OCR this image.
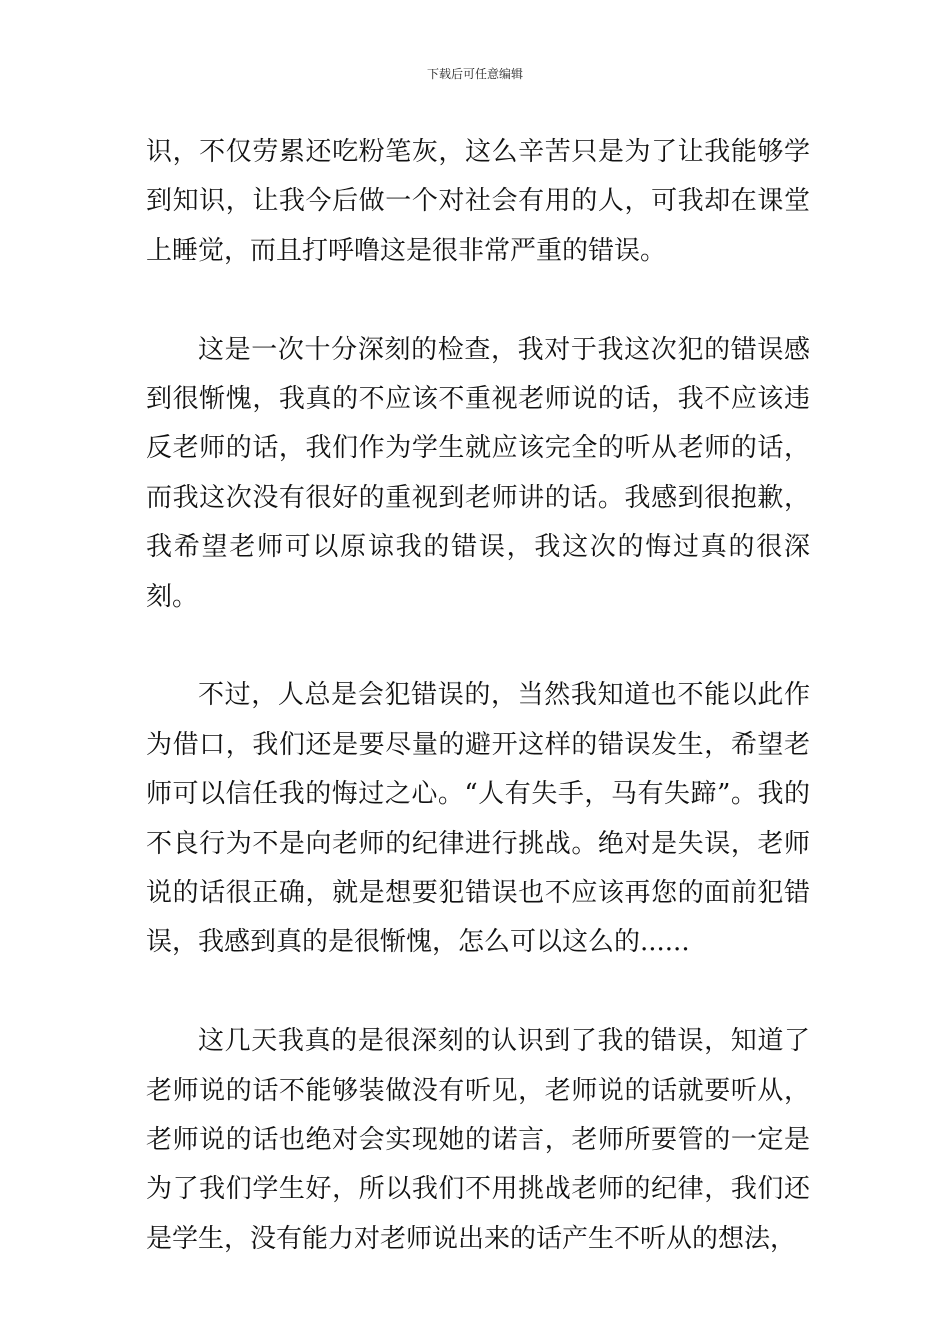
下载后可任意编辑

识，不仅劳累还吃粉笔灰，这么辛苦只是为了让我能够学到知识，让我今后做一个对社会有用的人，可我却在课堂上睡觉，而且打呼噜这是很非常严重的错误。

这是一次十分深刻的检查，我对于我这次犯的错误感到很惭愧，我真的不应该不重视老师说的话，我不应该违反老师的话，我们作为学生就应该完全的听从老师的话，而我这次没有很好的重视到老师讲的话。我感到很抱歉，我希望老师可以原谅我的错误，我这次的悔过真的很深刻。

不过，人总是会犯错误的，当然我知道也不能以此作为借口，我们还是要尽量的避开这样的错误发生，希望老师可以信任我的悔过之心。“人有失手，马有失蹄”。我的不良行为不是向老师的纪律进行挑战。绝对是失误，老师说的话很正确，就是想要犯错误也不应该再您的面前犯错误，我感到真的是很惭愧，怎么可以这么的......

这几天我真的是很深刻的认识到了我的错误，知道了老师说的话不能够装做没有听见，老师说的话就要听从，老师说的话也绝对会实现她的诺言，老师所要管的一定是为了我们学生好，所以我们不用挑战老师的纪律，我们还是学生，没有能力对老师说出来的话产生不听从的想法，
